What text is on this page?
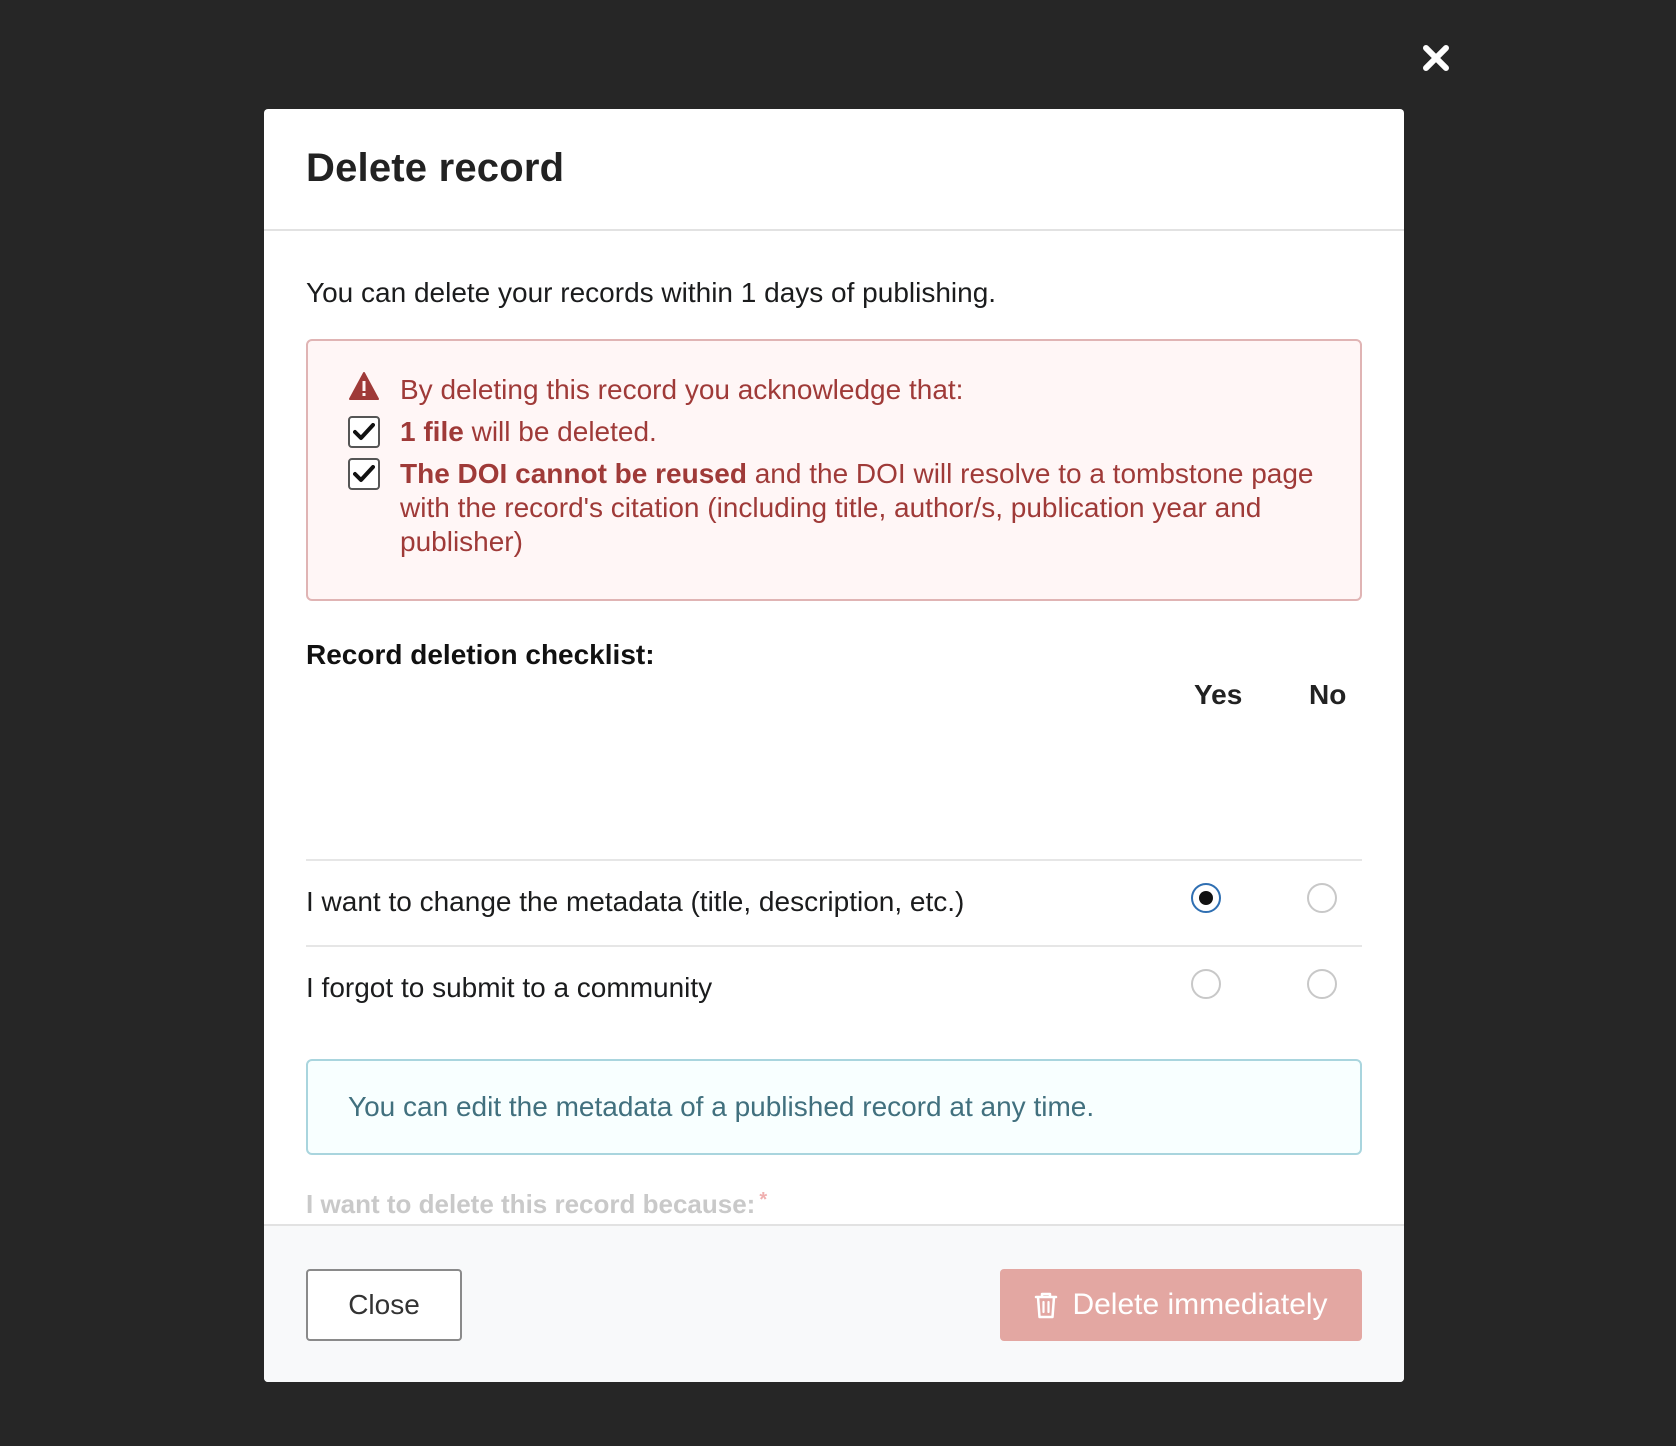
Delete record
You can delete your records within 1 days of publishing.
By deleting this record you acknowledge that:
1 file will be deleted.
The DOI cannot be reused and the DOI will resolve to a tombstone page with the record's citation (including title, author/s, publication year and publisher)
Record deletion checklist:
Yes No
I want to change the metadata (title, description, etc.)
I forgot to submit to a community
You can edit the metadata of a published record at any time.
I want to delete this record because: *
Close	Delete immediately
